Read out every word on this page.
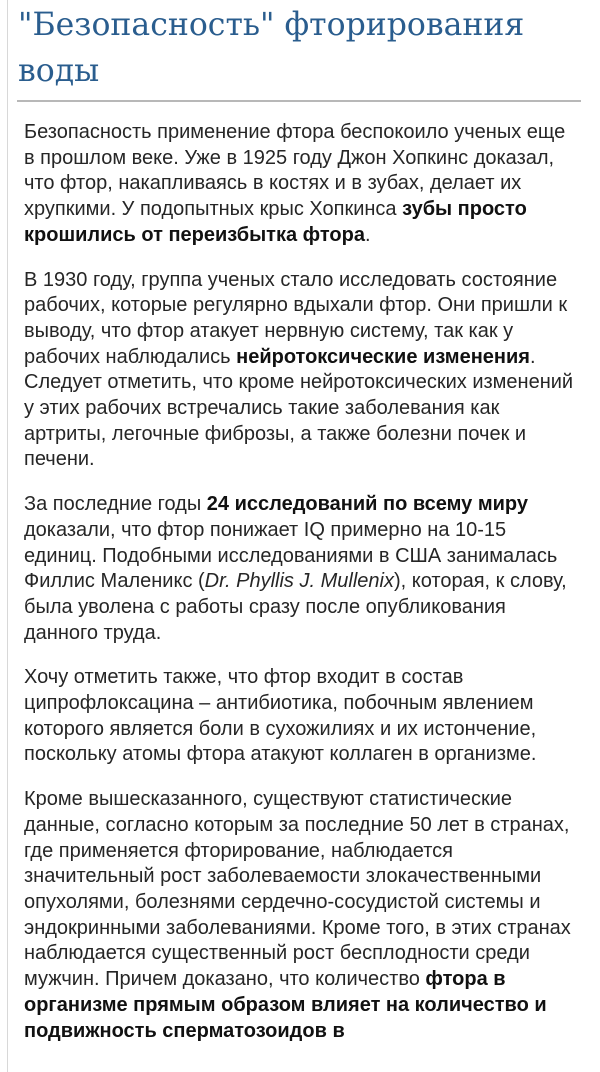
"Безопасность" фторирования воды

Безопасность применение фтора беспокоило ученых еще в прошлом веке. Уже в 1925 году Джон Хопкинс доказал, что фтор, накапливаясь в костях и в зубах, делает их хрупкими. У подопытных крыс Хопкинса зубы просто крошились от переизбытка фтора.

В 1930 году, группа ученых стало исследовать состояние рабочих, которые регулярно вдыхали фтор. Они пришли к выводу, что фтор атакует нервную систему, так как у рабочих наблюдались нейротоксические изменения. Следует отметить, что кроме нейротоксических изменений у этих рабочих встречались такие заболевания как артриты, легочные фиброзы, а также болезни почек и печени.

За последние годы 24 исследований по всему миру доказали, что фтор понижает IQ примерно на 10-15 единиц. Подобными исследованиями в США занималась Филлис Маленикс (Dr. Phyllis J. Mullenix), которая, к слову, была уволена с работы сразу после опубликования данного труда.

Хочу отметить также, что фтор входит в состав ципрофлоксацина – антибиотика, побочным явлением которого является боли в сухожилиях и их истончение, поскольку атомы фтора атакуют коллаген в организме.

Кроме вышесказанного, существуют статистические данные, согласно которым за последние 50 лет в странах, где применяется фторирование, наблюдается значительный рост заболеваемости злокачественными опухолями, болезнями сердечно-сосудистой системы и эндокринными заболеваниями. Кроме того, в этих странах наблюдается существенный рост бесплодности среди мужчин. Причем доказано, что количество фтора в организме прямым образом влияет на количество и подвижность сперматозоидов в
